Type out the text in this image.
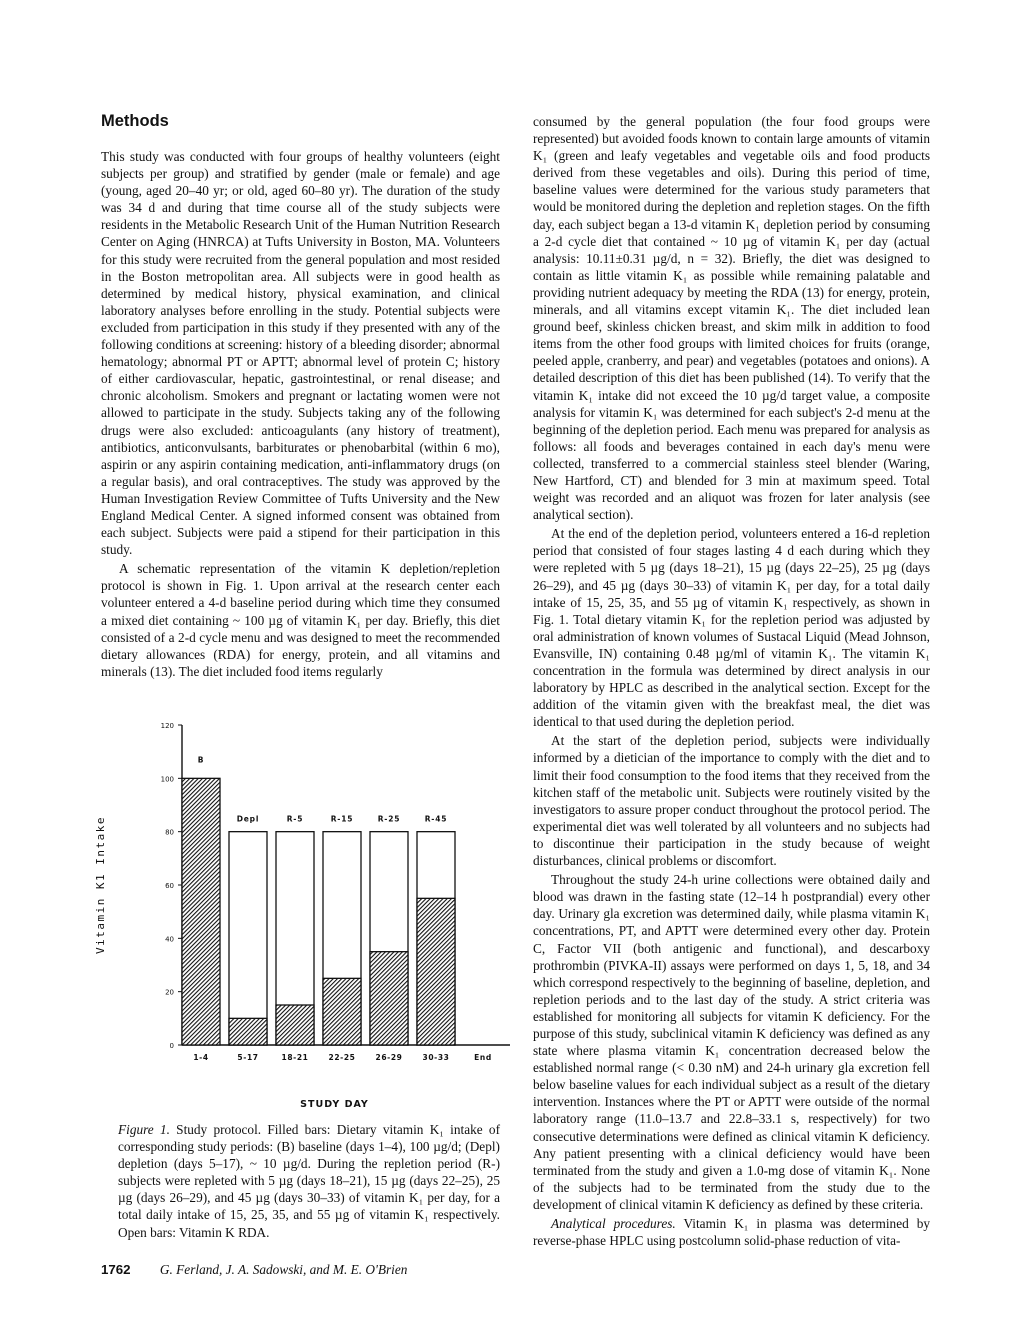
Methods

This study was conducted with four groups of healthy volunteers (eight subjects per group) and stratified by gender (male or female) and age (young, aged 20–40 yr; or old, aged 60–80 yr). The duration of the study was 34 d and during that time course all of the study subjects were residents in the Metabolic Research Unit of the Human Nutrition Research Center on Aging (HNRCA) at Tufts University in Boston, MA. Volunteers for this study were recruited from the general population and most resided in the Boston metropolitan area. All subjects were in good health as determined by medical history, physical examination, and clinical laboratory analyses before enrolling in the study. Potential subjects were excluded from participation in this study if they presented with any of the following conditions at screening: history of a bleeding disorder; abnormal hematology; abnormal PT or APTT; abnormal level of protein C; history of either cardiovascular, hepatic, gastrointestinal, or renal disease; and chronic alcoholism. Smokers and pregnant or lactating women were not allowed to participate in the study. Subjects taking any of the following drugs were also excluded: anticoagulants (any history of treatment), antibiotics, anticonvulsants, barbiturates or phenobarbital (within 6 mo), aspirin or any aspirin containing medication, anti-inflammatory drugs (on a regular basis), and oral contraceptives. The study was approved by the Human Investigation Review Committee of Tufts University and the New England Medical Center. A signed informed consent was obtained from each subject. Subjects were paid a stipend for their participation in this study.

A schematic representation of the vitamin K depletion/repletion protocol is shown in Fig. 1. Upon arrival at the research center each volunteer entered a 4-d baseline period during which time they consumed a mixed diet containing ~ 100 µg of vitamin K₁ per day. Briefly, this diet consisted of a 2-d cycle menu and was designed to meet the recommended dietary allowances (RDA) for energy, protein, and all vitamins and minerals (13). The diet included food items regularly

consumed by the general population (the four food groups were represented) but avoided foods known to contain large amounts of vitamin K₁ (green and leafy vegetables and vegetable oils and food products derived from these vegetables and oils). During this period of time, baseline values were determined for the various study parameters that would be monitored during the depletion and repletion stages. On the fifth day, each subject began a 13-d vitamin K₁ depletion period by consuming a 2-d cycle diet that contained ~ 10 µg of vitamin K₁ per day (actual analysis: 10.11±0.31 µg/d, n = 32). Briefly, the diet was designed to contain as little vitamin K₁ as possible while remaining palatable and providing nutrient adequacy by meeting the RDA (13) for energy, protein, minerals, and all vitamins except vitamin K₁. The diet included lean ground beef, skinless chicken breast, and skim milk in addition to food items from the other food groups with limited choices for fruits (orange, peeled apple, cranberry, and pear) and vegetables (potatoes and onions). A detailed description of this diet has been published (14). To verify that the vitamin K₁ intake did not exceed the 10 µg/d target value, a composite analysis for vitamin K₁ was determined for each subject's 2-d menu at the beginning of the depletion period. Each menu was prepared for analysis as follows: all foods and beverages contained in each day's menu were collected, transferred to a commercial stainless steel blender (Waring, New Hartford, CT) and blended for 3 min at maximum speed. Total weight was recorded and an aliquot was frozen for later analysis (see analytical section).

At the end of the depletion period, volunteers entered a 16-d repletion period that consisted of four stages lasting 4 d each during which they were repleted with 5 µg (days 18–21), 15 µg (days 22–25), 25 µg (days 26–29), and 45 µg (days 30–33) of vitamin K₁ per day, for a total daily intake of 15, 25, 35, and 55 µg of vitamin K₁ respectively, as shown in Fig. 1. Total dietary vitamin K₁ for the repletion period was adjusted by oral administration of known volumes of Sustacal Liquid (Mead Johnson, Evansville, IN) containing 0.48 µg/ml of vitamin K₁. The vitamin K₁ concentration in the formula was determined by direct analysis in our laboratory by HPLC as described in the analytical section. Except for the addition of the vitamin given with the breakfast meal, the diet was identical to that used during the depletion period.

At the start of the depletion period, subjects were individually informed by a dietician of the importance to comply with the diet and to limit their food consumption to the food items that they received from the kitchen staff of the metabolic unit. Subjects were routinely visited by the investigators to assure proper conduct throughout the protocol period. The experimental diet was well tolerated by all volunteers and no subjects had to discontinue their participation in the study because of weight disturbances, clinical problems or discomfort.

Throughout the study 24-h urine collections were obtained daily and blood was drawn in the fasting state (12–14 h postprandial) every other day. Urinary gla excretion was determined daily, while plasma vitamin K₁ concentrations, PT, and APTT were determined every other day. Protein C, Factor VII (both antigenic and functional), and descarboxy prothrombin (PIVKA-II) assays were performed on days 1, 5, 18, and 34 which correspond respectively to the beginning of baseline, depletion, and repletion periods and to the last day of the study. A strict criteria was established for monitoring all subjects for vitamin K deficiency. For the purpose of this study, subclinical vitamin K deficiency was defined as any state where plasma vitamin K₁ concentration decreased below the established normal range (< 0.30 nM) and 24-h urinary gla excretion fell below baseline values for each individual subject as a result of the dietary intervention. Instances where the PT or APTT were outside of the normal laboratory range (11.0–13.7 and 22.8–33.1 s, respectively) for two consecutive determinations were defined as clinical vitamin K deficiency. Any patient presenting with a clinical deficiency would have been terminated from the study and given a 1.0-mg dose of vitamin K₁. None of the subjects had to be terminated from the study due to the development of clinical vitamin K deficiency as defined by these criteria.

Analytical procedures. Vitamin K₁ in plasma was determined by reverse-phase HPLC using postcolumn solid-phase reduction of vita-

0
20
40
60
80
100
120
Vitamin K1 Intake
STUDY DAY
B
1-4
Depl
5-17
R-5
18-21
R-15
22-25
R-25
26-29
R-45
30-33	End
Figure 1. Study protocol. Filled bars: Dietary vitamin K₁ intake of corresponding study periods: (B) baseline (days 1–4), 100 µg/d; (Depl) depletion (days 5–17), ~ 10 µg/d. During the repletion period (R-) subjects were repleted with 5 µg (days 18–21), 15 µg (days 22–25), 25 µg (days 26–29), and 45 µg (days 30–33) of vitamin K₁ per day, for a total daily intake of 15, 25, 35, and 55 µg of vitamin K₁ respectively. Open bars: Vitamin K RDA.
1762 G. Ferland, J. A. Sadowski, and M. E. O'Brien
